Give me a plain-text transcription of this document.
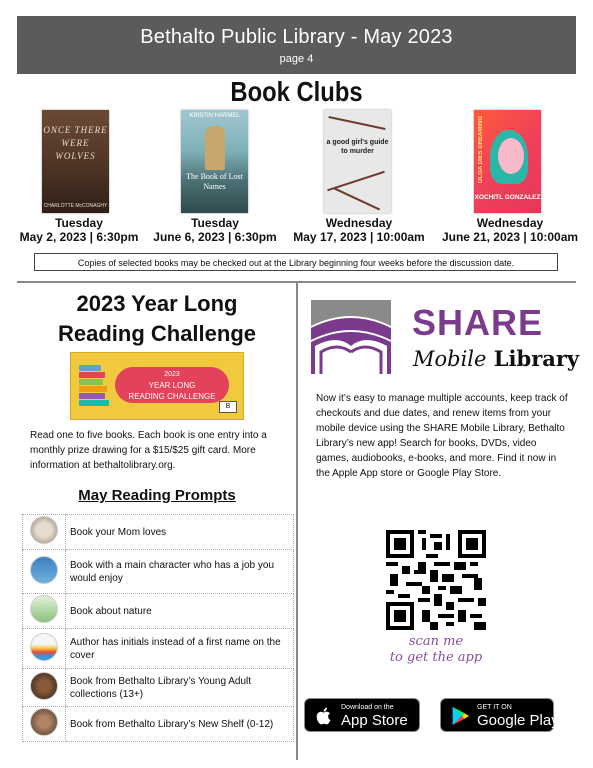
Bethalto Public Library - May 2023
page 4
Book Clubs
ONCE THERE WERE WOLVES
CHARLOTTE McCONAGHY
KRISTIN HARMEL
The Book of Lost Names
a good girl's guide to murder	OLGA DIES DREAMING
XOCHITL GONZALEZ
Tuesday
May 2, 2023 | 6:30pm
Tuesday
June 6, 2023 | 6:30pm
Wednesday
May 17, 2023 | 10:00am
Wednesday
June 21, 2023 | 10:00am
Copies of selected books may be checked out at the Library beginning four weeks before the discussion date.
2023 Year Long
Reading Challenge
2023
YEAR LONG
READING CHALLENGE
B
Read one to five books. Each book is one entry into a monthly prize drawing for a $15/$25 gift card. More information at bethaltolibrary.org.
May Reading Prompts
	Book your Mom loves
	Book with a main character who has a job you would enjoy
	Book about nature
	Author has initials instead of a first name on the cover
	Book from Bethalto Library’s Young Adult collections (13+)
	Book from Bethalto Library’s New Shelf (0-12)
SHARE
Mobile Library
Now it’s easy to manage multiple accounts, keep track of checkouts and due dates, and renew items from your mobile device using the SHARE Mobile Library, Bethalto Library’s new app! Search for books, DVDs, video games, audiobooks, e-books, and more. Find it now in the Apple App store or Google Play Store.
scan me
to get the app
Download on the
App Store
GET IT ON
Google Play
